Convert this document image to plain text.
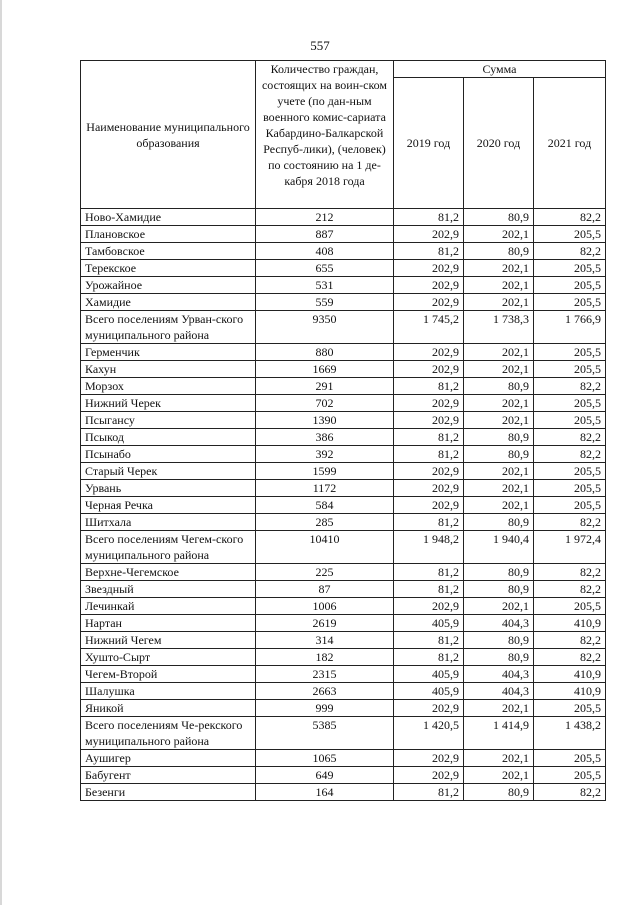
557
Наименование муниципального образования	Количество граждан, состоящих на воин-ском учете (по дан-ным военного комис-сариата Кабардино-Балкарской Респуб-лики), (человек) по состоянию на 1 де-кабря 2018 года	Сумма		
		2019 год	2020 год	2021 год
Ново-Хамидие	212	81,2	80,9	82,2
Плановское	887	202,9	202,1	205,5
Тамбовское	408	81,2	80,9	82,2
Терекское	655	202,9	202,1	205,5
Урожайное	531	202,9	202,1	205,5
Хамидие	559	202,9	202,1	205,5
Всего поселениям Урван-ского муниципального района	9350	1 745,2	1 738,3	1 766,9
Герменчик	880	202,9	202,1	205,5
Кахун	1669	202,9	202,1	205,5
Морзох	291	81,2	80,9	82,2
Нижний Черек	702	202,9	202,1	205,5
Псыгансу	1390	202,9	202,1	205,5
Псыкод	386	81,2	80,9	82,2
Псынабо	392	81,2	80,9	82,2
Старый Черек	1599	202,9	202,1	205,5
Урвань	1172	202,9	202,1	205,5
Черная Речка	584	202,9	202,1	205,5
Шитхала	285	81,2	80,9	82,2
Всего поселениям Чегем-ского муниципального района	10410	1 948,2	1 940,4	1 972,4
Верхне-Чегемское	225	81,2	80,9	82,2
Звездный	87	81,2	80,9	82,2
Лечинкай	1006	202,9	202,1	205,5
Нартан	2619	405,9	404,3	410,9
Нижний Чегем	314	81,2	80,9	82,2
Хушто-Сырт	182	81,2	80,9	82,2
Чегем-Второй	2315	405,9	404,3	410,9
Шалушка	2663	405,9	404,3	410,9
Яникой	999	202,9	202,1	205,5
Всего поселениям Че-рекского муниципального района	5385	1 420,5	1 414,9	1 438,2
Аушигер	1065	202,9	202,1	205,5
Бабугент	649	202,9	202,1	205,5
Безенги	164	81,2	80,9	82,2
